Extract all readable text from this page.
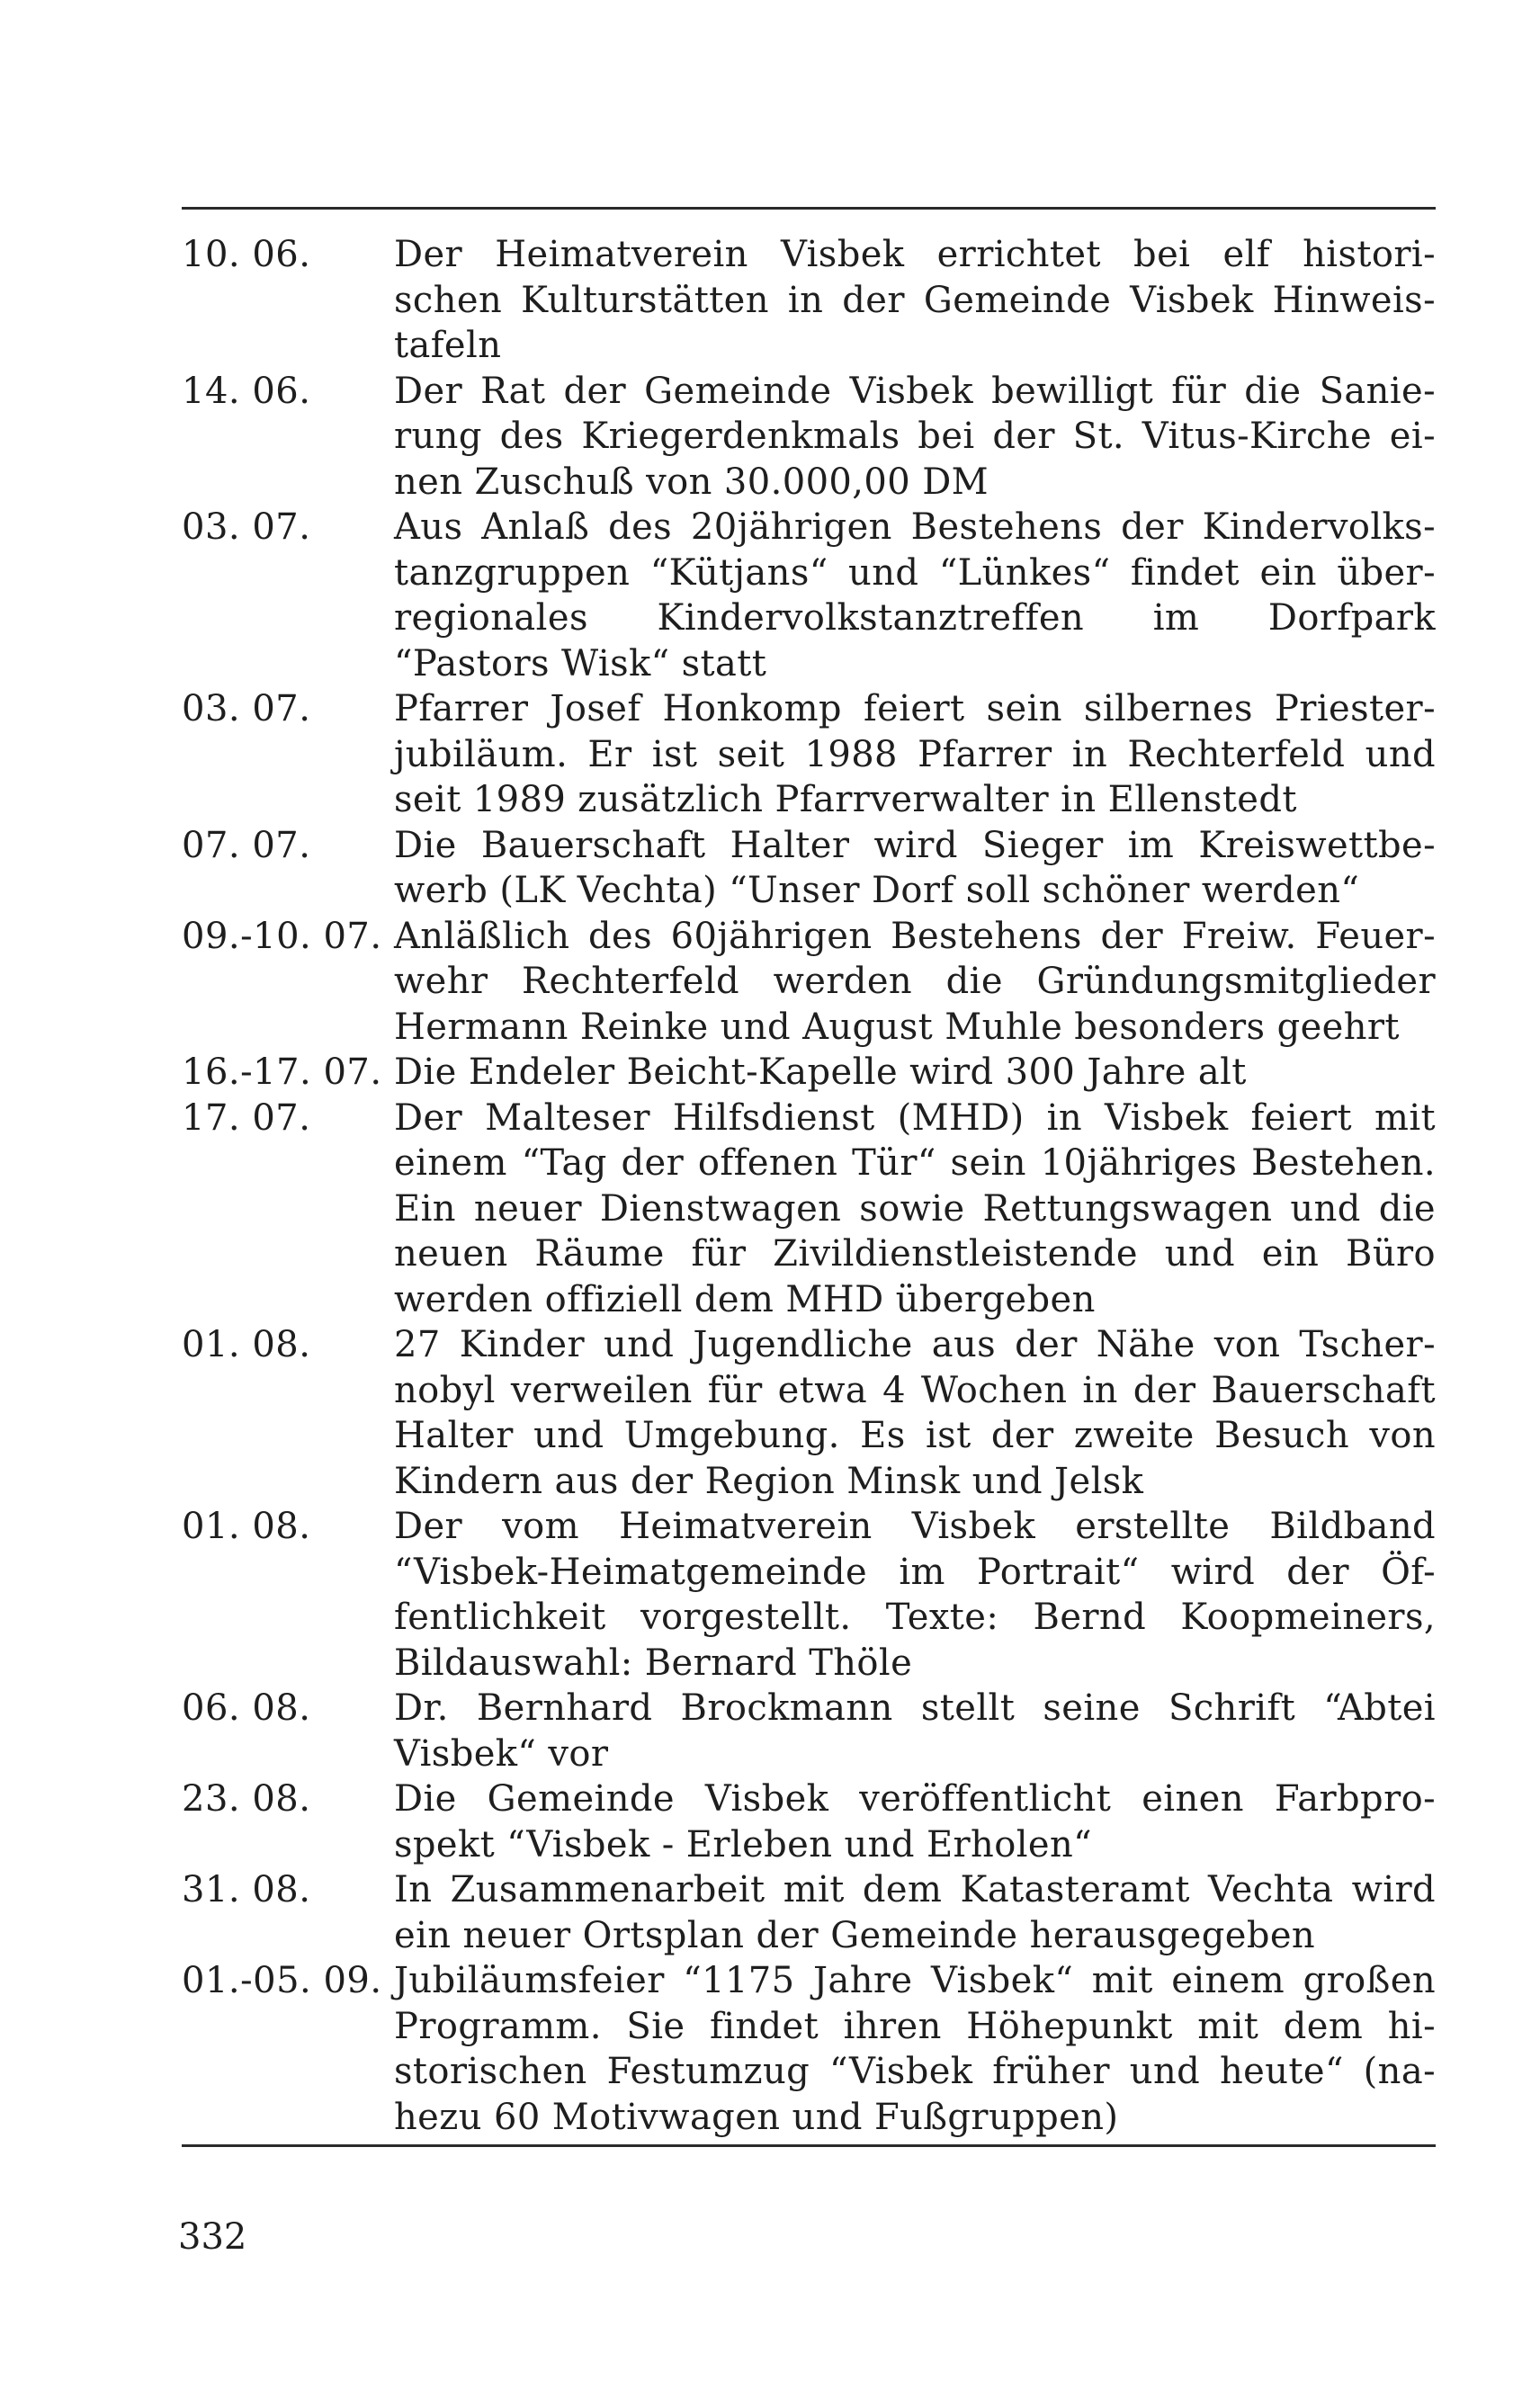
10. 06.	Der Heimatverein Visbek errichtet bei elf histori-
schen Kulturstätten in der Gemeinde Visbek Hinweis-
tafeln
14. 06.	Der Rat der Gemeinde Visbek bewilligt für die Sanie-
rung des Kriegerdenkmals bei der St. Vitus-Kirche ei-
nen Zuschuß von 30.000,00 DM
03. 07.	Aus Anlaß des 20jährigen Bestehens der Kindervolks-
tanzgruppen “Kütjans“ und “Lünkes“ findet ein über-
regionales Kindervolkstanztreffen im Dorfpark
“Pastors Wisk“ statt
03. 07.	Pfarrer Josef Honkomp feiert sein silbernes Priester-
jubiläum. Er ist seit 1988 Pfarrer in Rechterfeld und
seit 1989 zusätzlich Pfarrverwalter in Ellenstedt
07. 07.	Die Bauerschaft Halter wird Sieger im Kreiswettbe-
werb (LK Vechta) “Unser Dorf soll schöner werden“
09.-10. 07. Anläßlich des 60jährigen Bestehens der Freiw. Feuer-
wehr Rechterfeld werden die Gründungsmitglieder
Hermann Reinke und August Muhle besonders geehrt
16.-17. 07. Die Endeler Beicht-Kapelle wird 300 Jahre alt
17. 07.	Der Malteser Hilfsdienst (MHD) in Visbek feiert mit
einem “Tag der offenen Tür“ sein 10jähriges Bestehen.
Ein neuer Dienstwagen sowie Rettungswagen und die
neuen Räume für Zivildienstleistende und ein Büro
werden offiziell dem MHD übergeben
01. 08.	27 Kinder und Jugendliche aus der Nähe von Tscher-
nobyl verweilen für etwa 4 Wochen in der Bauerschaft
Halter und Umgebung. Es ist der zweite Besuch von
Kindern aus der Region Minsk und Jelsk
01. 08.	Der vom Heimatverein Visbek erstellte Bildband
“Visbek-Heimatgemeinde im Portrait“ wird der Öf-
fentlichkeit vorgestellt. Texte: Bernd Koopmeiners,
Bildauswahl: Bernard Thöle
06. 08.	Dr. Bernhard Brockmann stellt seine Schrift “Abtei
Visbek“ vor
23. 08.	Die Gemeinde Visbek veröffentlicht einen Farbpro-
spekt “Visbek - Erleben und Erholen“
31. 08.	In Zusammenarbeit mit dem Katasteramt Vechta wird
ein neuer Ortsplan der Gemeinde herausgegeben
01.-05. 09. Jubiläumsfeier “1175 Jahre Visbek“ mit einem großen
Programm. Sie findet ihren Höhepunkt mit dem hi-
storischen Festumzug “Visbek früher und heute“ (na-
hezu 60 Motivwagen und Fußgruppen)
332
